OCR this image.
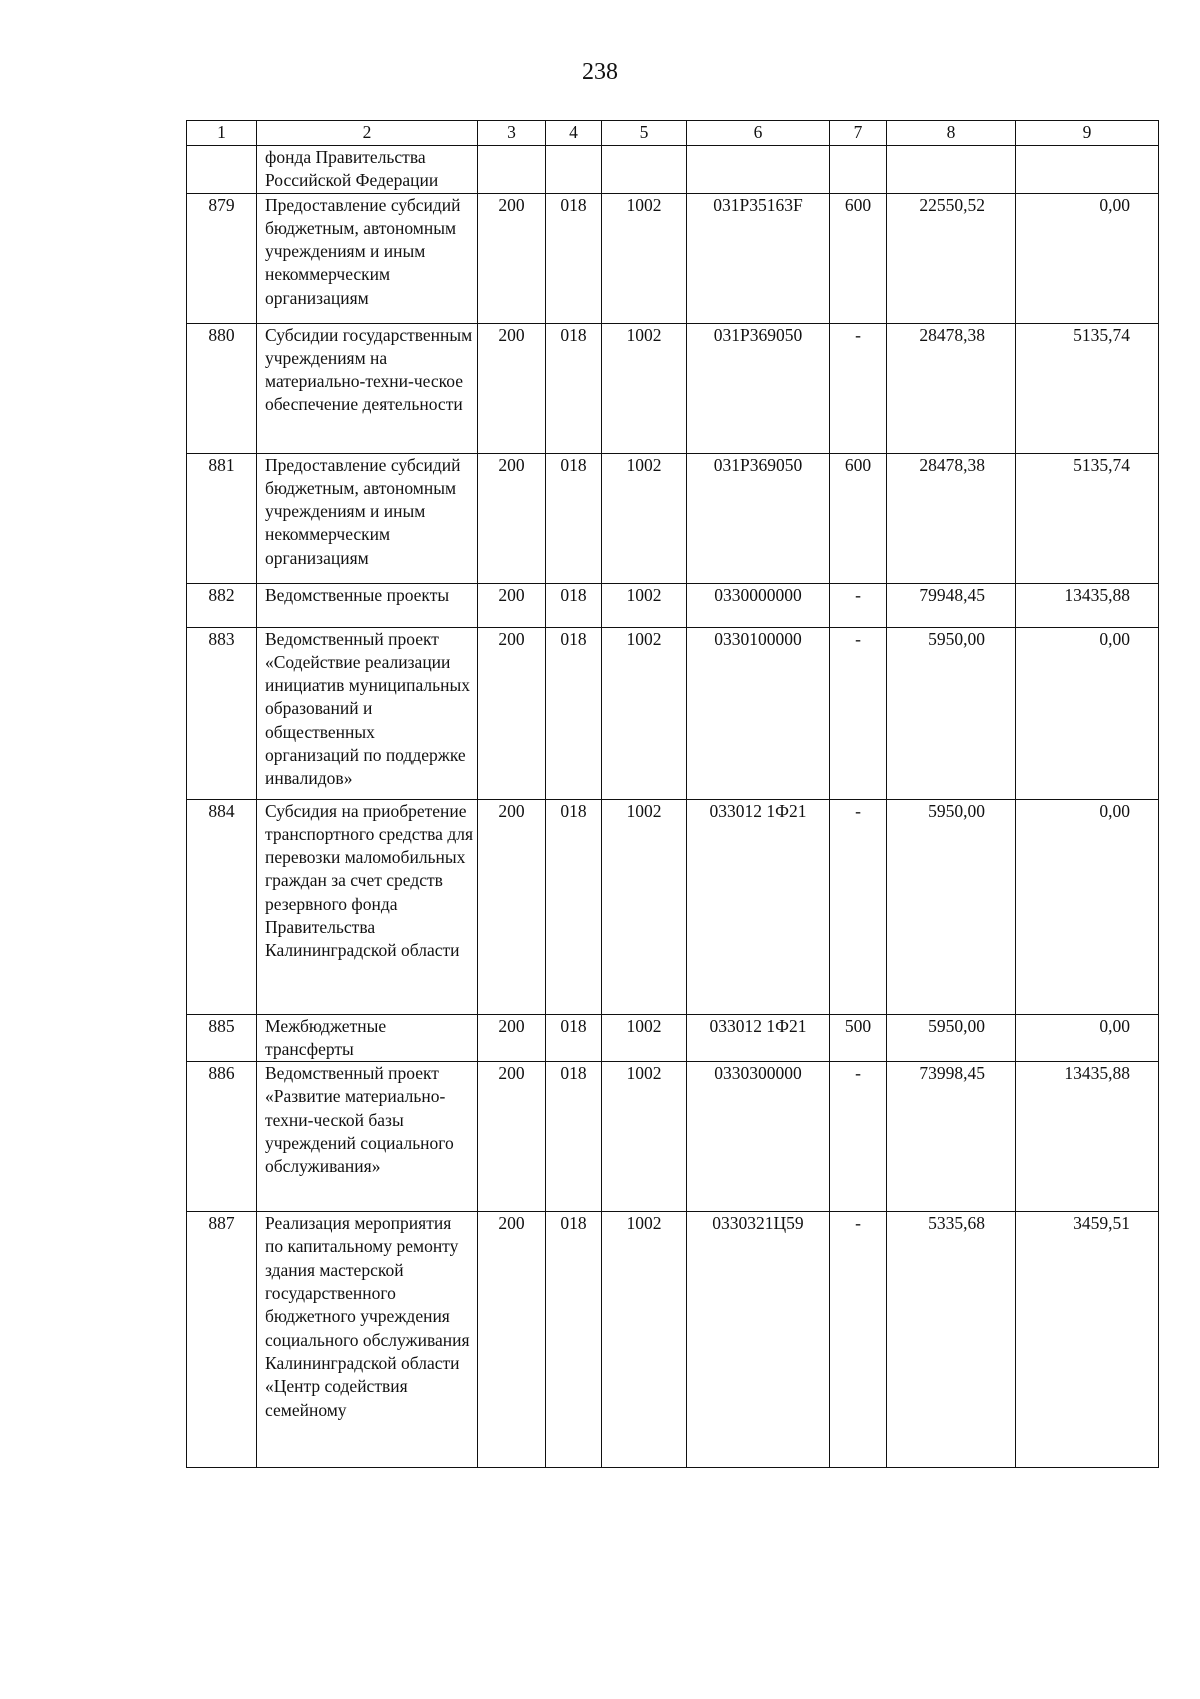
238
1	2	3	4	5	6	7	8	9
	фонда Правительства Российской Федерации							
879	Предоставление субсидий бюджетным, автономным учреждениям и иным некоммерческим организациям	200	018	1002	031P35163F	600	22550,52	0,00
880	Субсидии государственным учреждениям на материально-техни-ческое обеспечение деятельности	200	018	1002	031P369050	-	28478,38	5135,74
881	Предоставление субсидий бюджетным, автономным учреждениям и иным некоммерческим организациям	200	018	1002	031P369050	600	28478,38	5135,74
882	Ведомственные проекты	200	018	1002	0330000000	-	79948,45	13435,88
883	Ведомственный проект «Содействие реализации инициатив муниципальных образований и общественных организаций по поддержке инвалидов»	200	018	1002	0330100000	-	5950,00	0,00
884	Субсидия на приобретение транспортного средства для перевозки маломобильных граждан за счет средств резервного фонда Правительства Калининградской области	200	018	1002	033012 1Ф21	-	5950,00	0,00
885	Межбюджетные трансферты	200	018	1002	033012 1Ф21	500	5950,00	0,00
886	Ведомственный проект «Развитие материально-техни-ческой базы учреждений социального обслуживания»	200	018	1002	0330300000	-	73998,45	13435,88
887	Реализация мероприятия по капитальному ремонту здания мастерской государственного бюджетного учреждения социального обслуживания Калининградской области «Центр содействия семейному	200	018	1002	0330321Ц59	-	5335,68	3459,51
